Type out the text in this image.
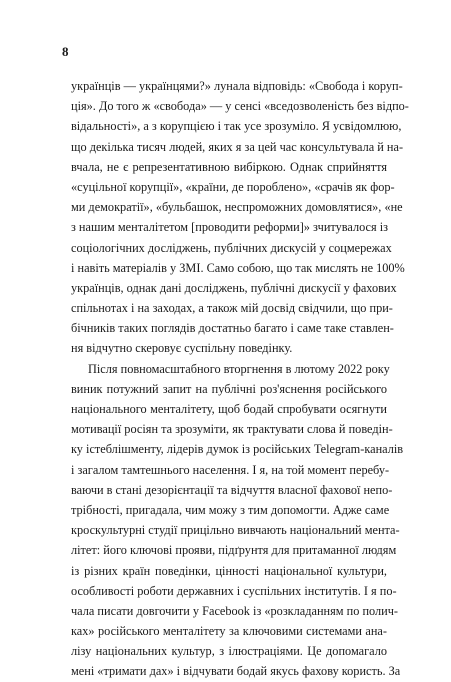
8
українців — українцями?» лунала відповідь: «Свобода і коруп-
ція». До того ж «свобода» — у сенсі «вседозволеність без відпо-
відальності», а з корупцією і так усе зрозуміло. Я усвідомлюю,
що декілька тисяч людей, яких я за цей час консультувала й на-
вчала, не є репрезентативною вибіркою. Однак сприйняття
«суцільної корупції», «країни, де пороблено», «срачів як фор-
ми демократії», «бульбашок, неспроможних домовлятися», «не
з нашим менталітетом [проводити реформи]» зчитувалося із
соціологічних досліджень, публічних дискусій у соцмережах
і навіть матеріалів у ЗМІ. Само собою, що так мислять не 100%
українців, однак дані досліджень, публічні дискусії у фахових
спільнотах і на заходах, а також мій досвід свідчили, що при-
бічників таких поглядів достатньо багато і саме таке ставлен-
ня відчутно скеровує суспільну поведінку.
Після повномасштабного вторгнення в лютому 2022 року
виник потужний запит на публічні роз'яснення російського
національного менталітету, щоб бодай спробувати осягнути
мотивації росіян та зрозуміти, як трактувати слова й поведін-
ку істеблішменту, лідерів думок із російських Telegram-каналів
і загалом тамтешнього населення. І я, на той момент перебу-
ваючи в стані дезорієнтації та відчуття власної фахової непо-
трібності, пригадала, чим можу з тим допомогти. Адже саме
кроскультурні студії прицільно вивчають національний мента-
літет: його ключові прояви, підґрунтя для притаманної людям
із різних країн поведінки, цінності національної культури,
особливості роботи державних і суспільних інститутів. І я по-
чала писати довгочити у Facebook із «розкладанням по полич-
ках» російського менталітету за ключовими системами ана-
лізу національних культур, з ілюстраціями. Це допомагало
мені «тримати дах» і відчувати бодай якусь фахову користь. За
